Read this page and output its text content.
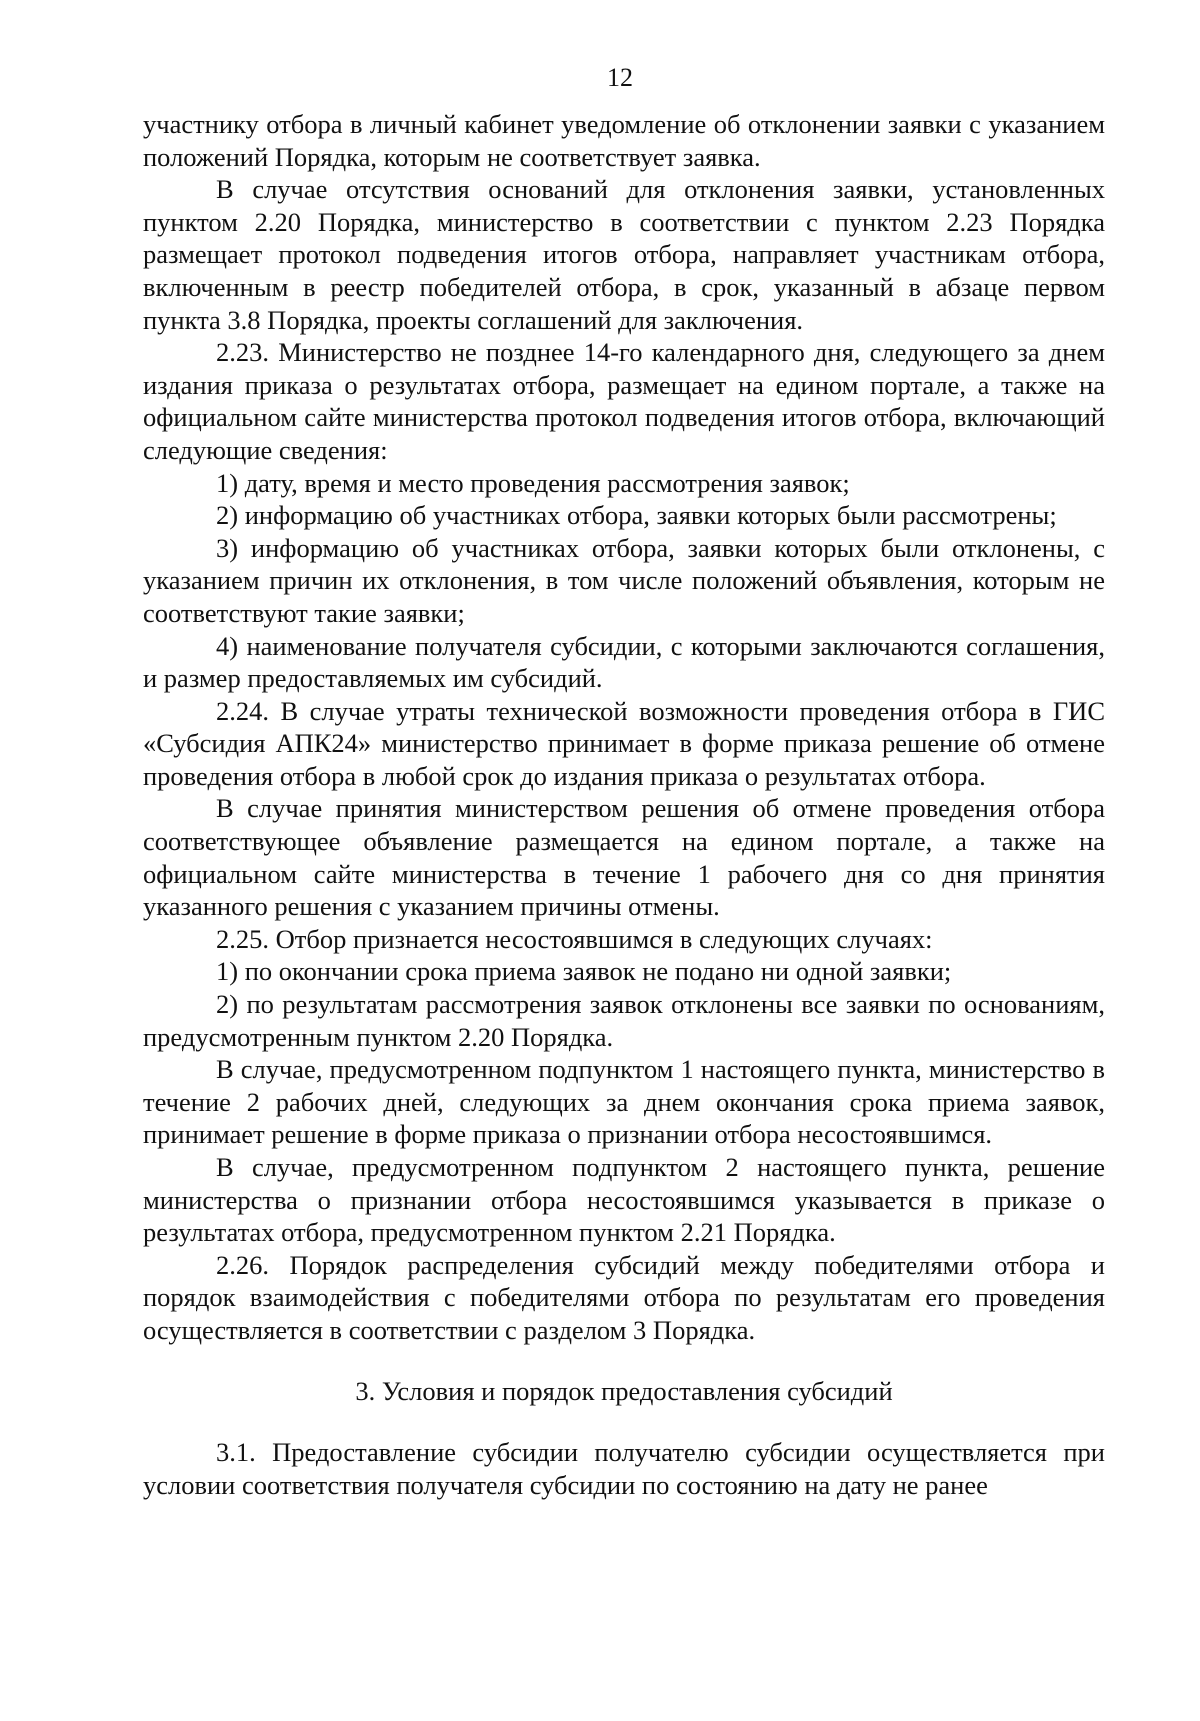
12

участнику отбора в личный кабинет уведомление об отклонении заявки с указанием положений Порядка, которым не соответствует заявка.

В случае отсутствия оснований для отклонения заявки, установленных пунктом 2.20 Порядка, министерство в соответствии с пунктом 2.23 Порядка размещает протокол подведения итогов отбора, направляет участникам отбора, включенным в реестр победителей отбора, в срок, указанный в абзаце первом пункта 3.8 Порядка, проекты соглашений для заключения.

2.23. Министерство не позднее 14-го календарного дня, следующего за днем издания приказа о результатах отбора, размещает на едином портале, а также на официальном сайте министерства протокол подведения итогов отбора, включающий следующие сведения:

1) дату, время и место проведения рассмотрения заявок;

2) информацию об участниках отбора, заявки которых были рассмотрены;

3) информацию об участниках отбора, заявки которых были отклонены, с указанием причин их отклонения, в том числе положений объявления, которым не соответствуют такие заявки;

4) наименование получателя субсидии, с которыми заключаются соглашения, и размер предоставляемых им субсидий.

2.24. В случае утраты технической возможности проведения отбора в ГИС «Субсидия АПК24» министерство принимает в форме приказа решение об отмене проведения отбора в любой срок до издания приказа о результатах отбора.

В случае принятия министерством решения об отмене проведения отбора соответствующее объявление размещается на едином портале, а также на официальном сайте министерства в течение 1 рабочего дня со дня принятия указанного решения с указанием причины отмены.

2.25. Отбор признается несостоявшимся в следующих случаях:

1) по окончании срока приема заявок не подано ни одной заявки;

2) по результатам рассмотрения заявок отклонены все заявки по основаниям, предусмотренным пунктом 2.20 Порядка.

В случае, предусмотренном подпунктом 1 настоящего пункта, министерство в течение 2 рабочих дней, следующих за днем окончания срока приема заявок, принимает решение в форме приказа о признании отбора несостоявшимся.

В случае, предусмотренном подпунктом 2 настоящего пункта, решение министерства о признании отбора несостоявшимся указывается в приказе о результатах отбора, предусмотренном пунктом 2.21 Порядка.

2.26. Порядок распределения субсидий между победителями отбора и порядок взаимодействия с победителями отбора по результатам его проведения осуществляется в соответствии с разделом 3 Порядка.

3. Условия и порядок предоставления субсидий

3.1. Предоставление субсидии получателю субсидии осуществляется при условии соответствия получателя субсидии по состоянию на дату не ранее
